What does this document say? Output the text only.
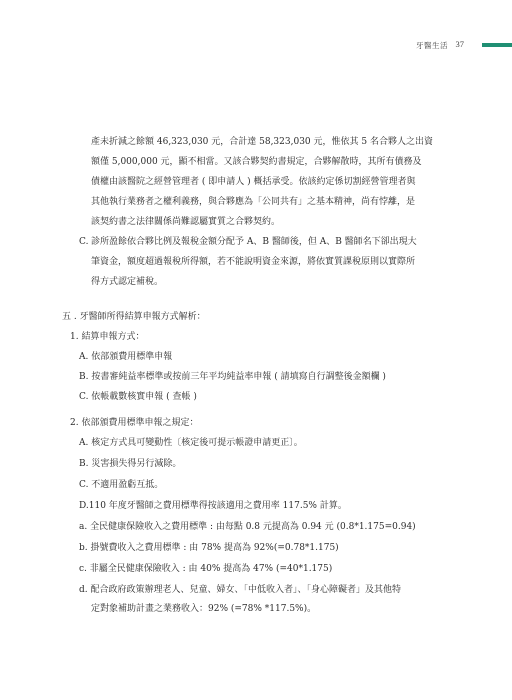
牙醫生活 37
產未折減之餘額 46,323,030 元，合計達 58,323,030 元，惟依其 5 名合夥人之出資
額僅 5,000,000 元，顯不相當。又該合夥契約書規定，合夥解散時，其所有債務及
債權由該醫院之經營管理者 ( 即申請人 ) 概括承受。依該約定係切割經營管理者與
其他執行業務者之權利義務，與合夥應為「公同共有」之基本精神，尚有悖離，是
該契約書之法律關係尚難認屬實質之合夥契約。
C. 診所盈餘依合夥比例及報稅金額分配予 A、B 醫師後，但 A、B 醫師名下卻出現大
筆資金，額度超過報稅所得額，若不能說明資金來源，將依實質課稅原則以實際所
得方式認定補稅。
五 . 牙醫師所得結算申報方式解析：
1. 結算申報方式：
A. 依部頒費用標準申報
B. 按書審純益率標準或按前三年平均純益率申報 ( 請填寫自行調整後金額欄 )
C. 依帳載數核實申報 ( 查帳 )
2. 依部頒費用標準申報之規定：
A. 核定方式具可變動性〔核定後可提示帳證申請更正〕。
B. 災害損失得另行減除。
C. 不適用盈虧互抵。
D.110 年度牙醫師之費用標準得按該適用之費用率 117.5% 計算。
a. 全民健康保險收入之費用標準 : 由每點 0.8 元提高為 0.94 元 (0.8*1.175=0.94)
b. 掛號費收入之費用標準 : 由 78% 提高為 92%(=0.78*1.175)
c. 非屬全民健康保險收入 : 由 40% 提高為 47% (=40*1.175)
d. 配合政府政策辦理老人、兒童、婦女、「中低收入者」、「身心障礙者」及其他特
定對象補助計畫之業務收入：92% (=78% *117.5%)。
